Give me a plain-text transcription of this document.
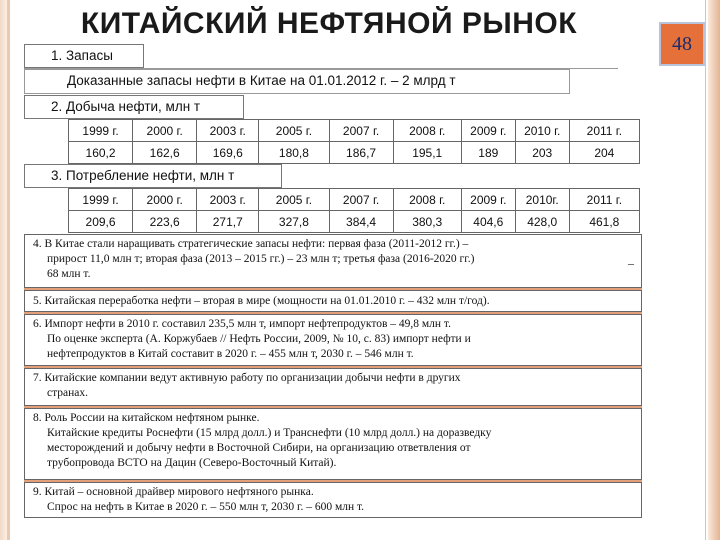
КИТАЙСКИЙ НЕФТЯНОЙ РЫНОК
48
1. Запасы
Доказанные запасы нефти в Китае на 01.01.2012 г. – 2 млрд т
2. Добыча нефти, млн т
1999 г.	2000 г.	2003 г.	2005 г.	2007 г.	2008 г.	2009 г.	2010 г.	2011 г.
160,2	162,6	169,6	180,8	186,7	195,1	189	203	204
3. Потребление нефти, млн т
1999 г.	2000 г.	2003 г.	2005 г.	2007 г.	2008 г.	2009 г.	2010г.	2011 г.
209,6	223,6	271,7	327,8	384,4	380,3	404,6	428,0	461,8
4. В Китае стали наращивать стратегические запасы нефти: первая фаза (2011-2012 гг.) –
прирост 11,0 млн т; вторая фаза (2013 – 2015 гг.) – 23 млн т; третья фаза (2016-2020 гг.)
68 млн т.
–
5. Китайская переработка нефти – вторая в мире (мощности на 01.01.2010 г. – 432 млн т/год).
6. Импорт нефти в 2010 г. составил 235,5 млн т, импорт нефтепродуктов – 49,8 млн т.
По оценке эксперта (А. Коржубаев // Нефть России, 2009, № 10, с. 83) импорт нефти и
нефтепродуктов в Китай составит в 2020 г. – 455 млн т, 2030 г. – 546 млн т.
7. Китайские компании ведут активную работу по организации добычи нефти в других
странах.
8. Роль России на китайском нефтяном рынке.
Китайские кредиты Роснефти (15 млрд долл.) и Транснефти (10 млрд долл.) на доразведку
месторождений и добычу нефти в Восточной Сибири, на организацию ответвления от
трубопровода ВСТО на Дацин (Северо-Восточный Китай).
9. Китай – основной драйвер мирового нефтяного рынка.
Спрос на нефть в Китае в 2020 г. – 550 млн т, 2030 г. – 600 млн т.
